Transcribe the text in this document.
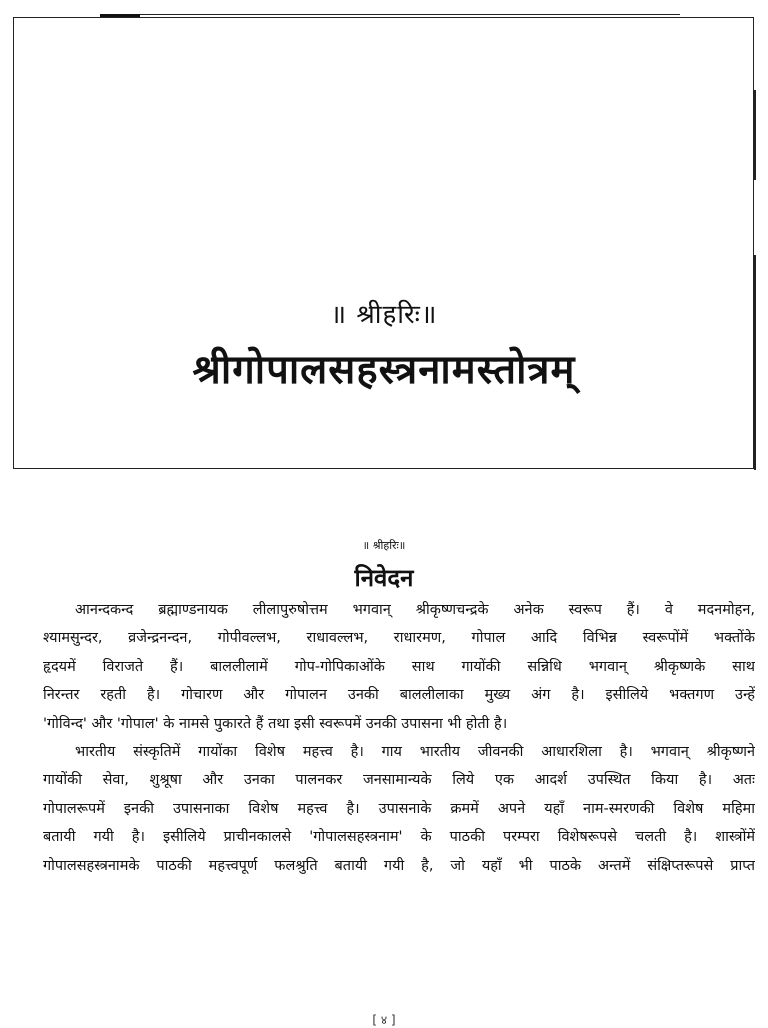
॥ श्रीहरिः॥
श्रीगोपालसहस्त्रनामस्तोत्रम्
॥ श्रीहरिः॥
निवेदन
आनन्दकन्द ब्रह्माण्डनायक लीलापुरुषोत्तम भगवान् श्रीकृष्णचन्द्रके अनेक स्वरूप हैं। वे मदनमोहन,
श्यामसुन्दर, व्रजेन्द्रनन्दन, गोपीवल्लभ, राधावल्लभ, राधारमण, गोपाल आदि विभिन्न स्वरूपोंमें भक्तोंके
हृदयमें विराजते हैं। बाललीलामें गोप-गोपिकाओंके साथ गायोंकी सन्निधि भगवान् श्रीकृष्णके साथ
निरन्तर रहती है। गोचारण और गोपालन उनकी बाललीलाका मुख्य अंग है। इसीलिये भक्तगण उन्हें
'गोविन्द' और 'गोपाल' के नामसे पुकारते हैं तथा इसी स्वरूपमें उनकी उपासना भी होती है।
भारतीय संस्कृतिमें गायोंका विशेष महत्त्व है। गाय भारतीय जीवनकी आधारशिला है। भगवान् श्रीकृष्णने
गायोंकी सेवा, शुश्रूषा और उनका पालनकर जनसामान्यके लिये एक आदर्श उपस्थित किया है। अतः
गोपालरूपमें इनकी उपासनाका विशेष महत्त्व है। उपासनाके क्रममें अपने यहाँ नाम-स्मरणकी विशेष महिमा
बतायी गयी है। इसीलिये प्राचीनकालसे 'गोपालसहस्त्रनाम' के पाठकी परम्परा विशेषरूपसे चलती है। शास्त्रोंमें
गोपालसहस्त्रनामके पाठकी महत्त्वपूर्ण फलश्रुति बतायी गयी है, जो यहाँ भी पाठके अन्तमें संक्षिप्तरूपसे प्राप्त
[ ४ ]
